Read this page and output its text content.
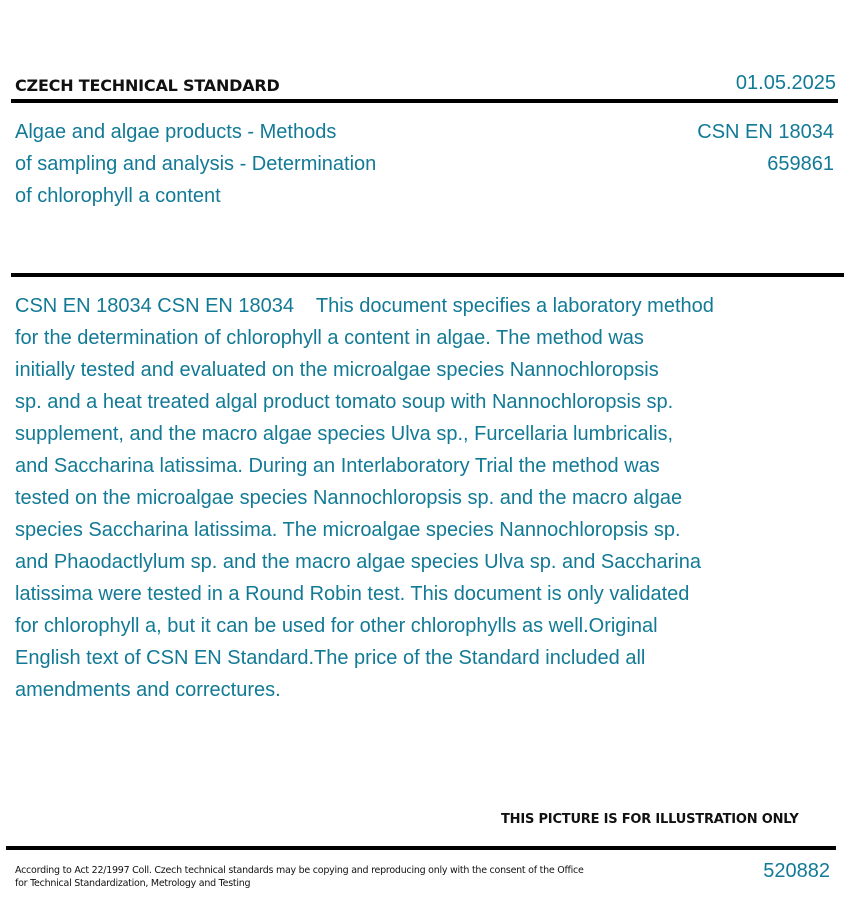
CZECH TECHNICAL STANDARD	01.05.2025
Algae and algae products - Methods
of sampling and analysis - Determination
of chlorophyll a content
CSN EN 18034
659861
CSN EN 18034 CSN EN 18034    This document specifies a laboratory method
for the determination of chlorophyll a content in algae. The method was
initially tested and evaluated on the microalgae species Nannochloropsis
sp. and a heat treated algal product tomato soup with Nannochloropsis sp.
supplement, and the macro algae species Ulva sp., Furcellaria lumbricalis,
and Saccharina latissima. During an Interlaboratory Trial the method was
tested on the microalgae species Nannochloropsis sp. and the macro algae
species Saccharina latissima. The microalgae species Nannochloropsis sp.
and Phaodactlylum sp. and the macro algae species Ulva sp. and Saccharina
latissima were tested in a Round Robin test. This document is only validated
for chlorophyll a, but it can be used for other chlorophylls as well.Original
English text of CSN EN Standard.The price of the Standard included all
amendments and correctures.
THIS PICTURE IS FOR ILLUSTRATION ONLY
According to Act 22/1997 Coll. Czech technical standards may be copying and reproducing only with the consent of the Office
for Technical Standardization, Metrology and Testing
520882
